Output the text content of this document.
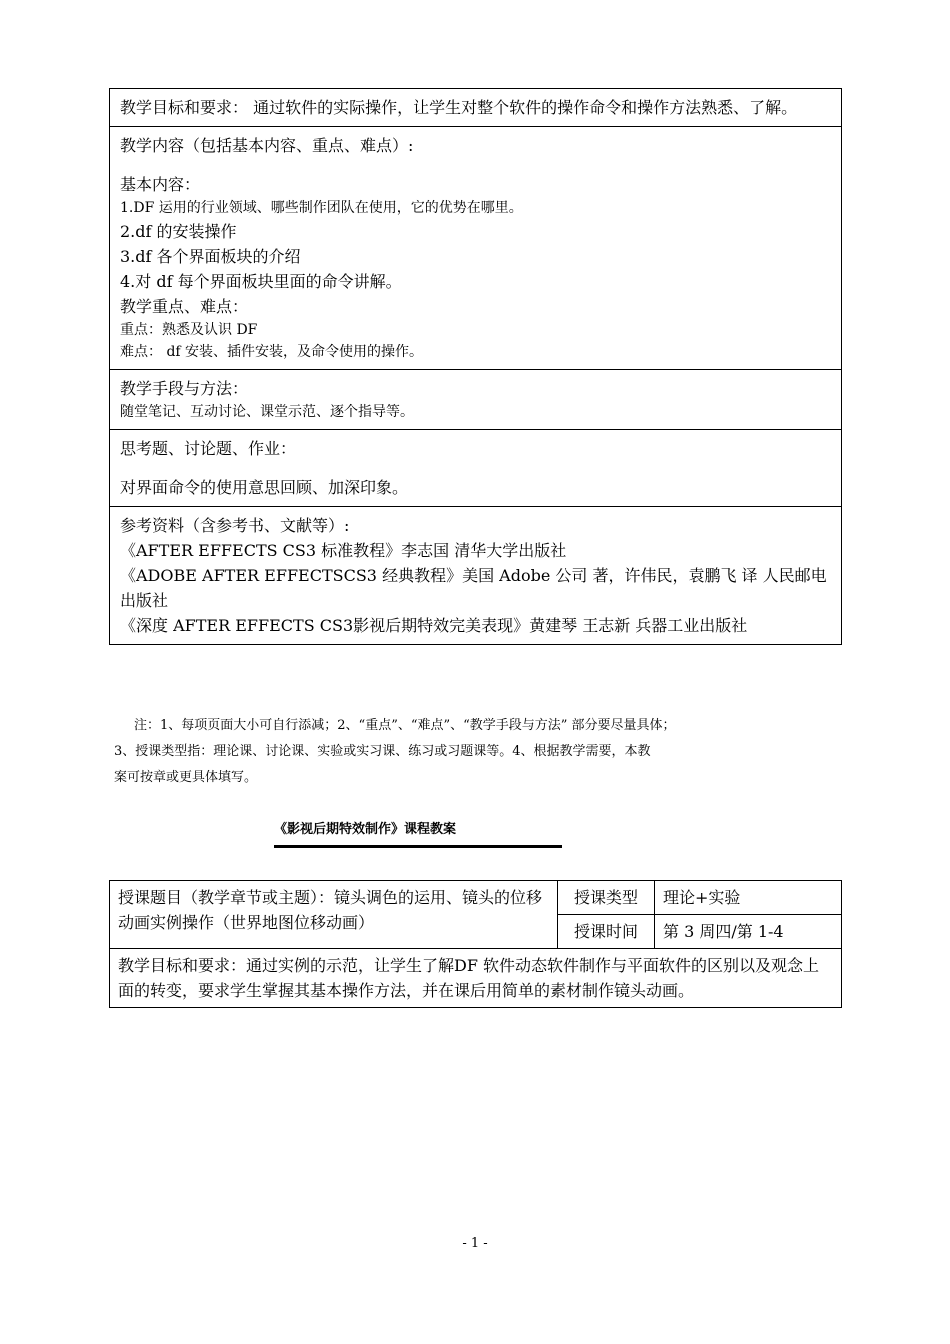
教学目标和要求： 通过软件的实际操作，让学生对整个软件的操作命令和操作方法熟悉、了解。

教学内容（包括基本内容、重点、难点）:
基本内容：
1.DF 运用的行业领域、哪些制作团队在使用，它的优势在哪里。
2.df 的安装操作
3.df 各个界面板块的介绍
4.对 df 每个界面板块里面的命令讲解。
教学重点、难点：
重点：熟悉及认识 DF
难点： df 安装、插件安装，及命令使用的操作。

教学手段与方法：
随堂笔记、互动讨论、课堂示范、逐个指导等。

思考题、讨论题、作业：
对界面命令的使用意思回顾、加深印象。

参考资料（含参考书、文献等）:
《AFTER EFFECTS CS3 标准教程》李志国 清华大学出版社
《ADOBE AFTER EFFECTSCS3 经典教程》美国 Adobe 公司 著，许伟民，袁鹏飞 译 人民邮电出版社
《深度 AFTER EFFECTS CS3影视后期特效完美表现》黄建琴 王志新 兵器工业出版社
注：1、每项页面大小可自行添减；2、“重点”、“难点”、“教学手段与方法” 部分要尽量具体；
3、授课类型指：理论课、讨论课、实验或实习课、练习或习题课等。4、根据教学需要，本教
案可按章或更具体填写。
《影视后期特效制作》课程教案
授课题目（教学章节或主题）：镜头调色的运用、镜头的位移动画实例操作（世界地图位移动画）	授课类型	理论+实验
	授课时间	第 3 周四/第 1-4
教学目标和要求：通过实例的示范，让学生了解DF 软件动态软件制作与平面软件的区别以及观念上面的转变，要求学生掌握其基本操作方法，并在课后用简单的素材制作镜头动画。		
- 1 -
